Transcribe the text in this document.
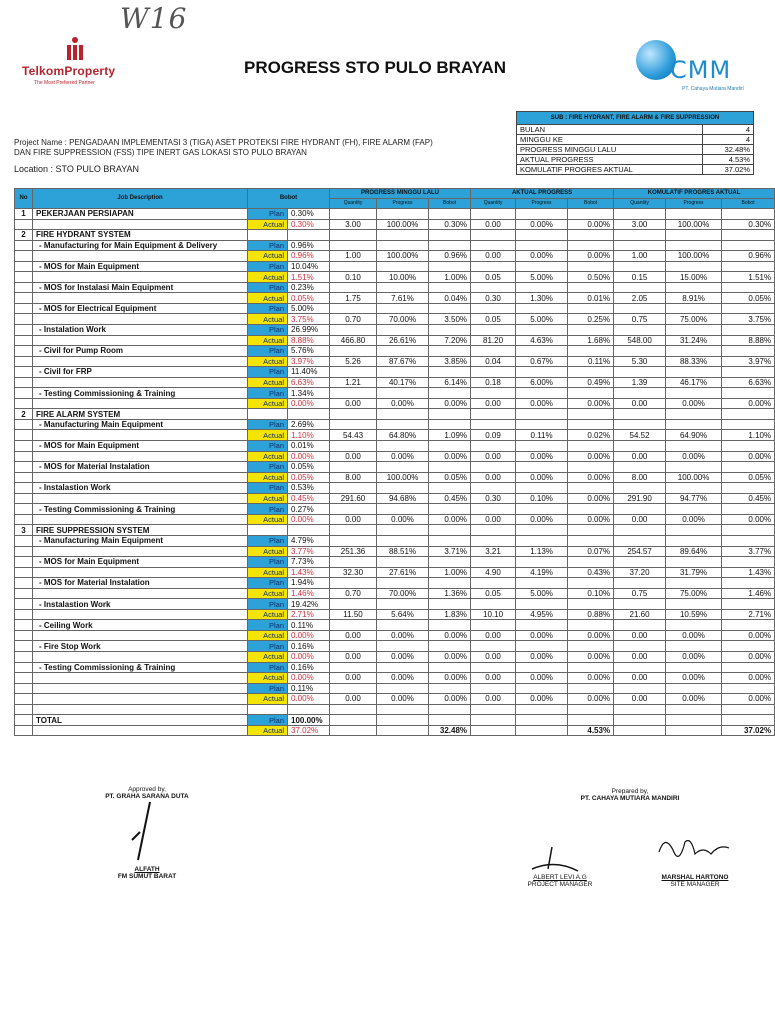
W16
TelkomProperty
The Most Preferred Partner
PROGRESS STO PULO BRAYAN	CMM
PT. Cahaya Mutiara Mandiri
SUB : FIRE HYDRANT, FIRE ALARM & FIRE SUPPRESSION	
BULAN	4
MINGGU KE	4
PROGRESS MINGGU LALU	32.48%
AKTUAL PROGRESS	4.53%
KOMULATIF PROGRES AKTUAL	37.02%
Project Name : PENGADAAN IMPLEMENTASI 3 (TIGA) ASET PROTEKSI FIRE HYDRANT (FH), FIRE ALARM (FAP) DAN FIRE SUPPRESSION (FSS) TIPE INERT GAS LOKASI STO PULO BRAYAN
Location : STO PULO BRAYAN
No	Job Description	Bobot		PROGRESS MINGGU LALU			AKTUAL PROGRESS			KOMULATIF PROGRES AKTUAL		
				Quantity	Progress	Bobot	Quantity	Progress	Bobot	Quantity	Progress	Bobot
1	PEKERJAAN PERSIAPAN	Plan	0.30%									
		Actual	0.30%	3.00	100.00%	0.30%	0.00	0.00%	0.00%	3.00	100.00%	0.30%
2	FIRE HYDRANT SYSTEM											
	- Manufacturing for Main Equipment & Delivery	Plan	0.96%									
		Actual	0.96%	1.00	100.00%	0.96%	0.00	0.00%	0.00%	1.00	100.00%	0.96%
	- MOS for Main Equipment	Plan	10.04%									
		Actual	1.51%	0.10	10.00%	1.00%	0.05	5.00%	0.50%	0.15	15.00%	1.51%
	- MOS for Instalasi Main Equipment	Plan	0.23%									
		Actual	0.05%	1.75	7.61%	0.04%	0.30	1.30%	0.01%	2.05	8.91%	0.05%
	- MOS for Electrical Equipment	Plan	5.00%									
		Actual	3.75%	0.70	70.00%	3.50%	0.05	5.00%	0.25%	0.75	75.00%	3.75%
	- Instalation Work	Plan	26.99%									
		Actual	8.88%	466.80	26.61%	7.20%	81.20	4.63%	1.68%	548.00	31.24%	8.88%
	- Civil for Pump Room	Plan	5.76%									
		Actual	3.97%	5.26	87.67%	3.85%	0.04	0.67%	0.11%	5.30	88.33%	3.97%
	- Civil for FRP	Plan	11.40%									
		Actual	6.63%	1.21	40.17%	6.14%	0.18	6.00%	0.49%	1.39	46.17%	6.63%
	- Testing Commissioning & Training	Plan	1.34%									
		Actual	0.00%	0.00	0.00%	0.00%	0.00	0.00%	0.00%	0.00	0.00%	0.00%
2	FIRE ALARM SYSTEM											
	- Manufacturing Main Equipment	Plan	2.69%									
		Actual	1.10%	54.43	64.80%	1.09%	0.09	0.11%	0.02%	54.52	64.90%	1.10%
	- MOS for Main Equipment	Plan	0.01%									
		Actual	0.00%	0.00	0.00%	0.00%	0.00	0.00%	0.00%	0.00	0.00%	0.00%
	- MOS for Material Instalation	Plan	0.05%									
		Actual	0.05%	8.00	100.00%	0.05%	0.00	0.00%	0.00%	8.00	100.00%	0.05%
	- Instalastion Work	Plan	0.53%									
		Actual	0.45%	291.60	94.68%	0.45%	0.30	0.10%	0.00%	291.90	94.77%	0.45%
	- Testing Commissioning & Training	Plan	0.27%									
		Actual	0.00%	0.00	0.00%	0.00%	0.00	0.00%	0.00%	0.00	0.00%	0.00%
3	FIRE SUPPRESSION SYSTEM											
	- Manufacturing Main Equipment	Plan	4.79%									
		Actual	3.77%	251.36	88.51%	3.71%	3.21	1.13%	0.07%	254.57	89.64%	3.77%
	- MOS for Main Equipment	Plan	7.73%									
		Actual	1.43%	32.30	27.61%	1.00%	4.90	4.19%	0.43%	37.20	31.79%	1.43%
	- MOS for Material Instalation	Plan	1.94%									
		Actual	1.46%	0.70	70.00%	1.36%	0.05	5.00%	0.10%	0.75	75.00%	1.46%
	- Instalastion Work	Plan	19.42%									
		Actual	2.71%	11.50	5.64%	1.83%	10.10	4.95%	0.88%	21.60	10.59%	2.71%
	- Ceiling Work	Plan	0.11%									
		Actual	0.00%	0.00	0.00%	0.00%	0.00	0.00%	0.00%	0.00	0.00%	0.00%
	- Fire Stop Work	Plan	0.16%									
		Actual	0.00%	0.00	0.00%	0.00%	0.00	0.00%	0.00%	0.00	0.00%	0.00%
	- Testing Commissioning & Training	Plan	0.16%									
		Actual	0.00%	0.00	0.00%	0.00%	0.00	0.00%	0.00%	0.00	0.00%	0.00%
		Plan	0.11%									
		Actual	0.00%	0.00	0.00%	0.00%	0.00	0.00%	0.00%	0.00	0.00%	0.00%

	TOTAL	Plan	100.00%									
		Actual	37.02%			32.48%			4.53%			37.02%
Approved by,
PT. GRAHA SARANA DUTA
ALFATH
FM SUMUT BARAT
Prepared by,
PT. CAHAYA MUTIARA MANDIRI
ALBERT LEVI A.G
PROJECT MANAGER
MARSHAL HARTONO
SITE MANAGER
